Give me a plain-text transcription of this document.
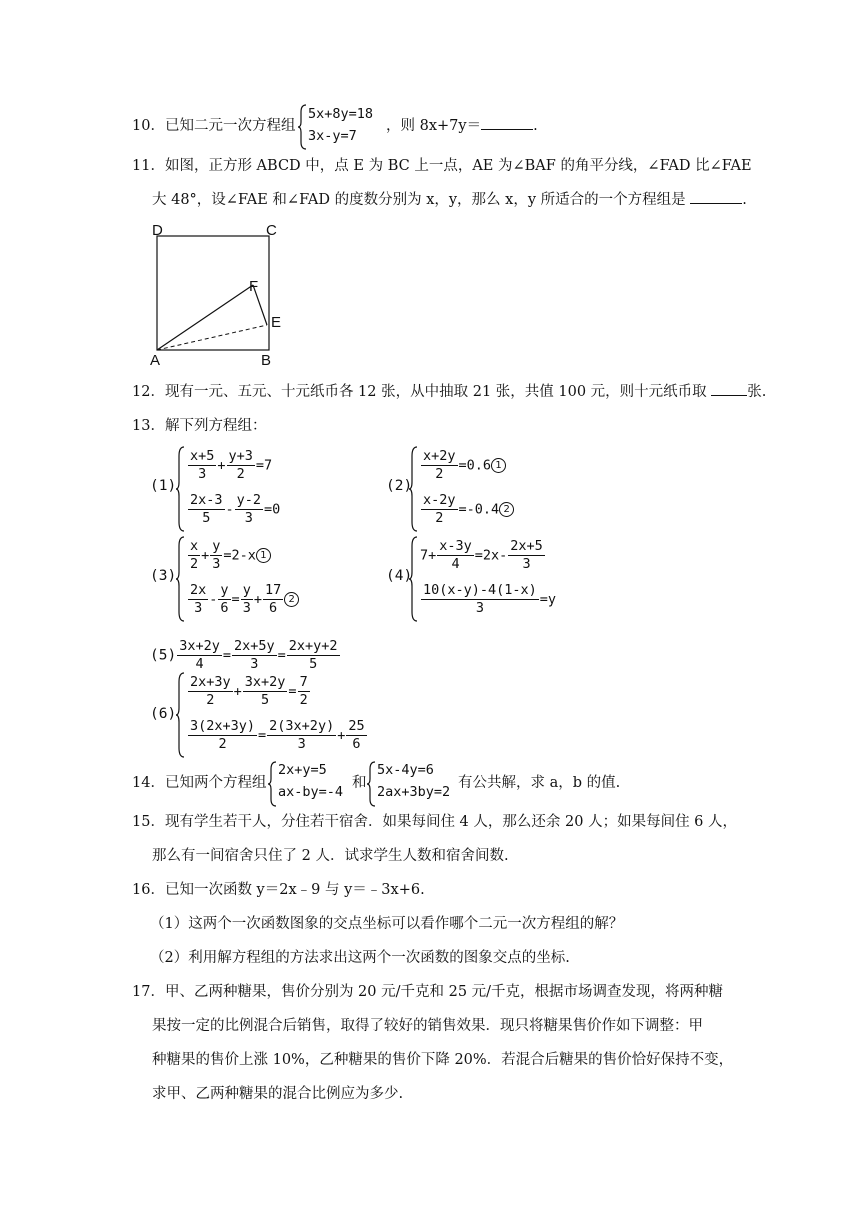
10．已知二元一次方程组
5x+8y=18
3x-y=7
，则 8x+7y＝	.
11．如图，正方形 ABCD 中，点 E 为 BC 上一点，AE 为∠BAF 的角平分线，∠FAD 比∠FAE
大 48°，设∠FAE 和∠FAD 的度数分别为 x，y，那么 x，y 所适合的一个方程组是	.
D	C
F
E
A	B
12．现有一元、五元、十元纸币各 12 张，从中抽取 21 张，共值 100 元，则十元纸币取	张.
13．解下列方程组：
(1)
$\frac{x+5}{3} + \frac{y+3}{2} =7$
$\frac{2x-3}{5} - \frac{y-2}{3} =0$
(2)
$\frac{x+2y}{2} =0.6$ 1
$\frac{x-2y}{2} =-0.4$ 2
(3)
$\frac{x}{2} + \frac{y}{3} =2-x$ 1
$\frac{2x}{3} - \frac{y}{6} = \frac{y}{3} + \frac{17}{6} 2$
(4)
$7+ \frac{x-3y}{4} =2x- \frac{2x+5}{3}$
$\frac{10(x-y)-4(1-x)}{3} =y$
$(5) \frac{3x+2y}{4} = \frac{2x+5y}{3} = \frac{2x+y+2}{5}$
(6)
$\frac{2x+3y}{2} + \frac{3x+2y}{5} = \frac{7}{2}$
$\frac{3(2x+3y)}{2} = \frac{2(3x+2y)}{3} + \frac{25}{6}$
14．已知两个方程组
2x+y=5
ax-by=-4
和
5x-4y=6
2ax+3by=2
有公共解，求 a，b 的值.
15．现有学生若干人，分住若干宿舍．如果每间住 4 人，那么还余 20 人；如果每间住 6 人，
那么有一间宿舍只住了 2 人．试求学生人数和宿舍间数.
16．已知一次函数 y＝2x﹣9 与 y＝﹣3x+6.
（1）这两个一次函数图象的交点坐标可以看作哪个二元一次方程组的解？
（2）利用解方程组的方法求出这两个一次函数的图象交点的坐标.
17．甲、乙两种糖果，售价分别为 20 元/千克和 25 元/千克，根据市场调查发现，将两种糖
果按一定的比例混合后销售，取得了较好的销售效果．现只将糖果售价作如下调整：甲
种糖果的售价上涨 10%，乙种糖果的售价下降 20%．若混合后糖果的售价恰好保持不变，
求甲、乙两种糖果的混合比例应为多少.
